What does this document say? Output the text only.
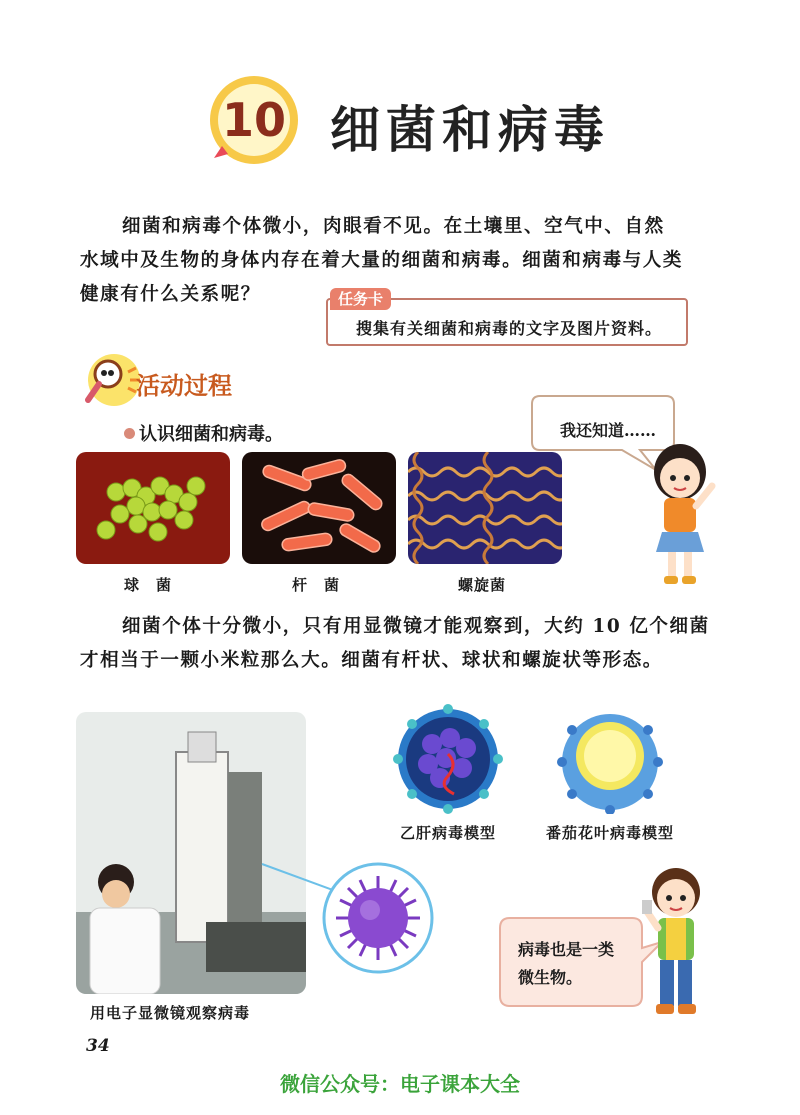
10 细菌和病毒
细菌和病毒个体微小，肉眼看不见。在土壤里、空气中、自然
水域中及生物的身体内存在着大量的细菌和病毒。细菌和病毒与人类
健康有什么关系呢？	任务卡
搜集有关细菌和病毒的文字及图片资料。
活动过程
认识细菌和病毒。	我还知道……
球　菌	杆　菌	螺旋菌
细菌个体十分微小，只有用显微镜才能观察到，大约 10 亿个细菌
才相当于一颗小米粒那么大。细菌有杆状、球状和螺旋状等形态。
用电子显微镜观察病毒
乙肝病毒模型	番茄花叶病毒模型
病毒也是一类
微生物。
34
微信公众号：电子课本大全
